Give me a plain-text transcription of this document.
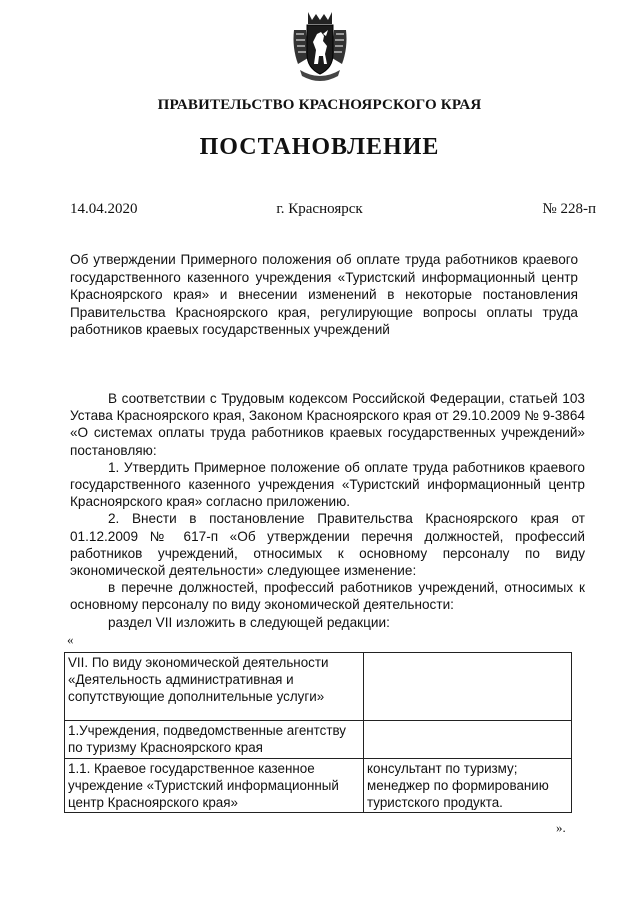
ПРАВИТЕЛЬСТВО КРАСНОЯРСКОГО КРАЯ
ПОСТАНОВЛЕНИЕ
14.04.2020	г. Красноярск	№ 228-п
Об утверждении Примерного положения об оплате труда работников краевого государственного казенного учреждения «Туристский информационный центр Красноярского края» и внесении изменений в некоторые постановления Правительства Красноярского края, регулирующие вопросы оплаты труда работников краевых государственных учреждений

В соответствии с Трудовым кодексом Российской Федерации, статьей 103 Устава Красноярского края, Законом Красноярского края от 29.10.2009 № 9-3864 «О системах оплаты труда работников краевых государственных учреждений» постановляю:

1. Утвердить Примерное положение об оплате труда работников краевого государственного казенного учреждения «Туристский информационный центр Красноярского края» согласно приложению.

2. Внести в постановление Правительства Красноярского края от 01.12.2009 № 617-п «Об утверждении перечня должностей, профессий работников учреждений, относимых к основному персоналу по виду экономической деятельности» следующее изменение:

в перечне должностей, профессий работников учреждений, относимых к основному персоналу по виду экономической деятельности:

раздел VII изложить в следующей редакции:

«
VII. По виду экономической деятельности «Деятельность административная и сопутствующие дополнительные услуги»	
1.Учреждения, подведомственные агентству по туризму Красноярского края	
1.1. Краевое государственное казенное учреждение «Туристский информационный центр Красноярского края»	консультант по туризму; менеджер по формированию туристского продукта.
».
